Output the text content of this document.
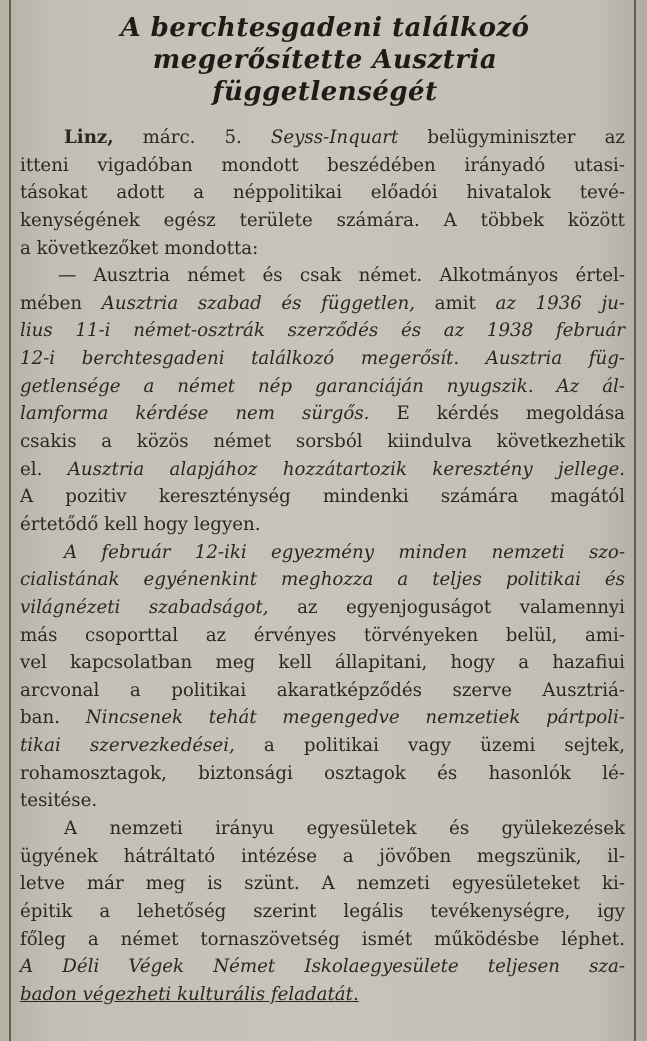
A berchtesgadeni találkozó
megerősítette Ausztria
függetlenségét
Linz, márc. 5. Seyss-Inquart belügyminiszter az
itteni vigadóban mondott beszédében irányadó utasi-
tásokat adott a néppolitikai előadói hivatalok tevé-
kenységének egész területe számára. A többek között
a következőket mondotta:
— Ausztria német és csak német. Alkotmányos értel-
mében Ausztria szabad és független, amit az 1936 ju-
lius 11-i német-osztrák szerződés és az 1938 február
12-i berchtesgadeni találkozó megerősít. Ausztria füg-
getlensége a német nép garanciáján nyugszik. Az ál-
lamforma kérdése nem sürgős. E kérdés megoldása
csakis a közös német sorsból kiindulva következhetik
el. Ausztria alapjához hozzátartozik keresztény jellege.
A pozitiv kereszténység mindenki számára magától
értetődő kell hogy legyen.
A február 12-iki egyezmény minden nemzeti szo-
cialistának egyénenkint meghozza a teljes politikai és
világnézeti szabadságot, az egyenjoguságot valamennyi
más csoporttal az érvényes törvényeken belül, ami-
vel kapcsolatban meg kell állapitani, hogy a hazafiui
arcvonal a politikai akaratképződés szerve Ausztriá-
ban. Nincsenek tehát megengedve nemzetiek pártpoli-
tikai szervezkedései, a politikai vagy üzemi sejtek,
rohamosztagok, biztonsági osztagok és hasonlók lé-
tesitése.
A nemzeti irányu egyesületek és gyülekezések
ügyének hátráltató intézése a jövőben megszünik, il-
letve már meg is szünt. A nemzeti egyesületeket ki-
épitik a lehetőség szerint legális tevékenységre, igy
főleg a német tornaszövetség ismét működésbe léphet.
A Déli Végek Német Iskolaegyesülete teljesen sza-
badon végezheti kulturális feladatát.
